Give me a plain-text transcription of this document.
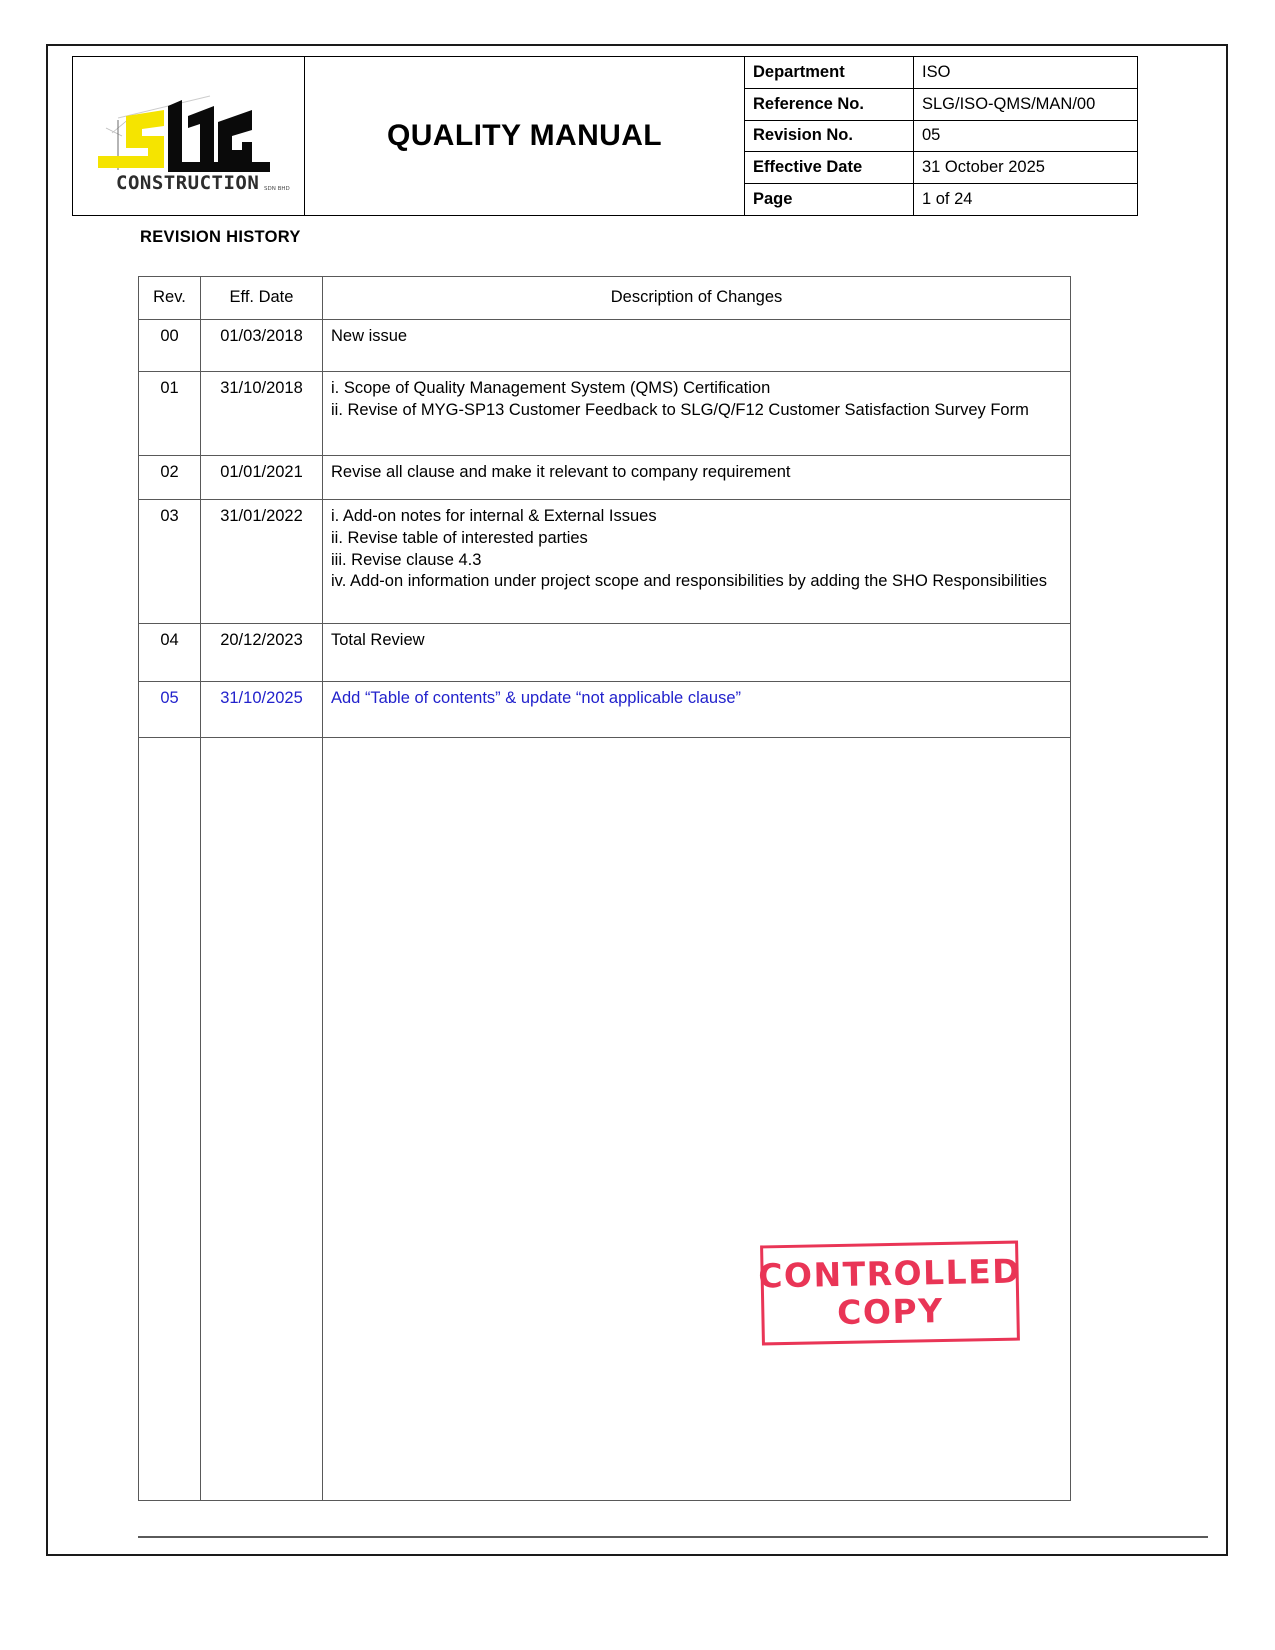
CONSTRUCTION SDN BHD
QUALITY MANUAL
Department	ISO
Reference No.	SLG/ISO-QMS/MAN/00
Revision No.	05
Effective Date	31 October 2025
Page	1 of 24
REVISION HISTORY
Rev.	Eff. Date	Description of Changes
00	01/03/2018	New issue

01	31/10/2018	i. Scope of Quality Management System (QMS) Certification
ii. Revise of MYG-SP13 Customer Feedback to SLG/Q/F12 Customer Satisfaction Survey Form

02	01/01/2021	Revise all clause and make it relevant to company requirement

03	31/01/2022	i. Add-on notes for internal & External Issues
ii. Revise table of interested parties
iii. Revise clause 4.3
iv. Add-on information under project scope and responsibilities by adding the SHO Responsibilities

04	20/12/2023	Total Review

05	31/10/2025	Add “Table of contents” & update “not applicable clause”

CONTROLLED
COPY
